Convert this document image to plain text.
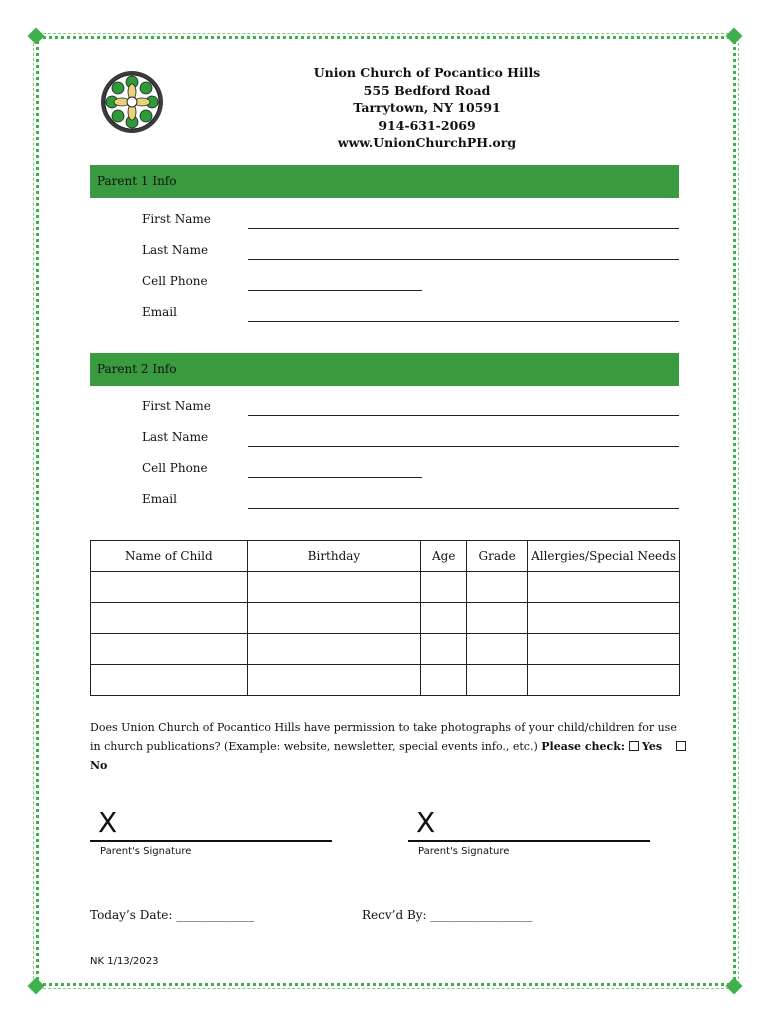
Union Church of Pocantico Hills
555 Bedford Road
Tarrytown, NY 10591
914-631-2069
www.UnionChurchPH.org
Parent 1 Info
First Name
Last Name
Cell Phone
Email
Parent 2 Info
First Name
Last Name
Cell Phone
Email
Name of Child	Birthday	Age	Grade	Allergies/Special Needs

Does Union Church of Pocantico Hills have permission to take photographs of your child/children for use in church publications? (Example: website, newsletter, special events info., etc.) Please check: Yes No
X
Parent's Signature
X
Parent's Signature
Today’s Date: _____________	Recv’d By: _________________
NK 1/13/2023
